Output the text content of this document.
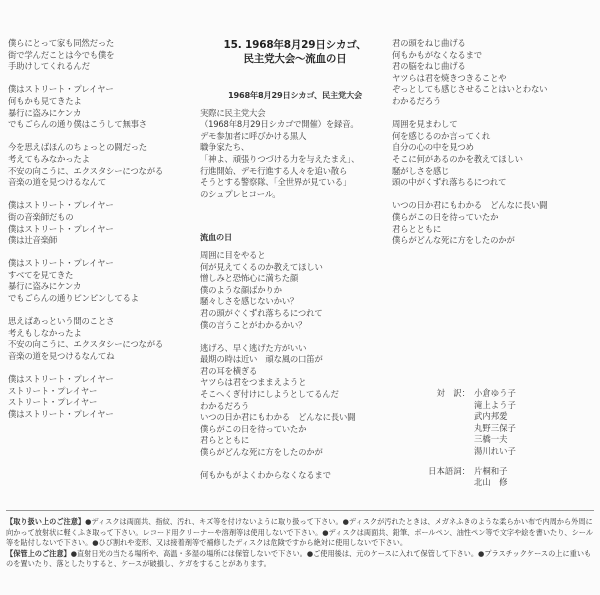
僕らにとって家も同然だった
街で学んだことは今でも僕を
手助けしてくれるんだ
僕はストリート・プレイヤー
何もかも見てきたよ
暴行に盗みにケンカ
でもごらんの通り僕はこうして無事さ
今を思えばほんのちょっとの闘だった
考えてもみなかったよ
不安の向こうに、エクスタシーにつながる
音楽の道を見つけるなんて
僕はストリート・プレイヤー
街の音楽師だもの
僕はストリート・プレイヤー
僕は辻音楽師
僕はストリート・プレイヤー
すべてを見てきた
暴行に盗みにケンカ
でもごらんの通りピンピンしてるよ
思えばあっという間のことさ
考えもしなかったよ
不安の向こうに、エクスタシーにつながる
音楽の道を見つけるなんてね
僕はストリート・プレイヤー
ストリート・プレイヤー
ストリート・プレイヤー
僕はストリート・プレイヤー
15. 1968年8月29日シカゴ、
民主党大会～流血の日
1968年8月29日シカゴ、民主党大会
実際に民主党大会
（1968年8月29日シカゴで開催）を録音。
デモ参加者に呼びかける黒人
職争家たち、
「神よ、頑張りつづける力を与えたまえ」、
行進開始、デモ行進する人々を追い散ら
そうとする警察隊、「全世界が見ている」
のシュプレヒコール。
流血の日
周囲に目をやると
何が見えてくるのか教えてほしい
憎しみと恐怖心に満ちた顔
僕のような顔ばかりか
騒々しさを感じないかい？
君の頭がぐくずれ落ちるにつれて
僕の言うことがわかるかい？
逃げろ、早く逃げた方がいい
最期の時は近い　頑な風の口笛が
君の耳を横ぎる
ヤツらは君をつままえようと
そこへくぎ付けにしようとしてるんだ
わかるだろう
いつの日か君にもわかる　どんなに長い闘
僕らがこの日を待っていたか
君らとともに
僕らがどんな死に方をしたのかが
何もかもがよくわからなくなるまで
君の頭をねじ曲げる
何もかもがなくなるまで
君の脳をねじ曲げる
ヤツらは君を焼きつきることや
ぞっとしても感じさせることはいとわない
わかるだろう
周囲を見まわして
何を感じるのか言ってくれ
自分の心の中を見つめ
そこに何があるのかを教えてほしい
騒がしさを感じ
頭の中がくずれ落ちるにつれて
いつの日か君にもわかる　どんなに長い闘
僕らがこの日を待っていたか
君らとともに
僕らがどんな死に方をしたのかが
対　訳： 小倉ゆう子
滝上よう子
武内邦愛
丸野三保子
三橋一夫
湯川れい子
日本語詞： 片桐和子
北山　修
【取り扱い上のご注意】●ディスクは両面共、指紋、汚れ、キズ等を付けないように取り扱って下さい。●ディスクが汚れたときは、メガネふきのような柔らかい布で内周から外周に向かって放射状に軽くふき取って下さい。レコード用クリーナーや溶剤等は使用しないで下さい。●ディスクは両面共、鉛筆、ボールペン、油性ペン等で文字や絵を書いたり、シール等を貼付しないで下さい。●ひび割れや変形、又は接着剤等で補修したディスクは危険ですから絶対に使用しないで下さい。
【保管上のご注意】●直射日光の当たる場所や、高温・多湿の場所には保管しないで下さい。●ご使用後は、元のケースに入れて保管して下さい。●プラスチックケースの上に重いものを置いたり、落としたりすると、ケースが破損し、ケガをすることがあります。
